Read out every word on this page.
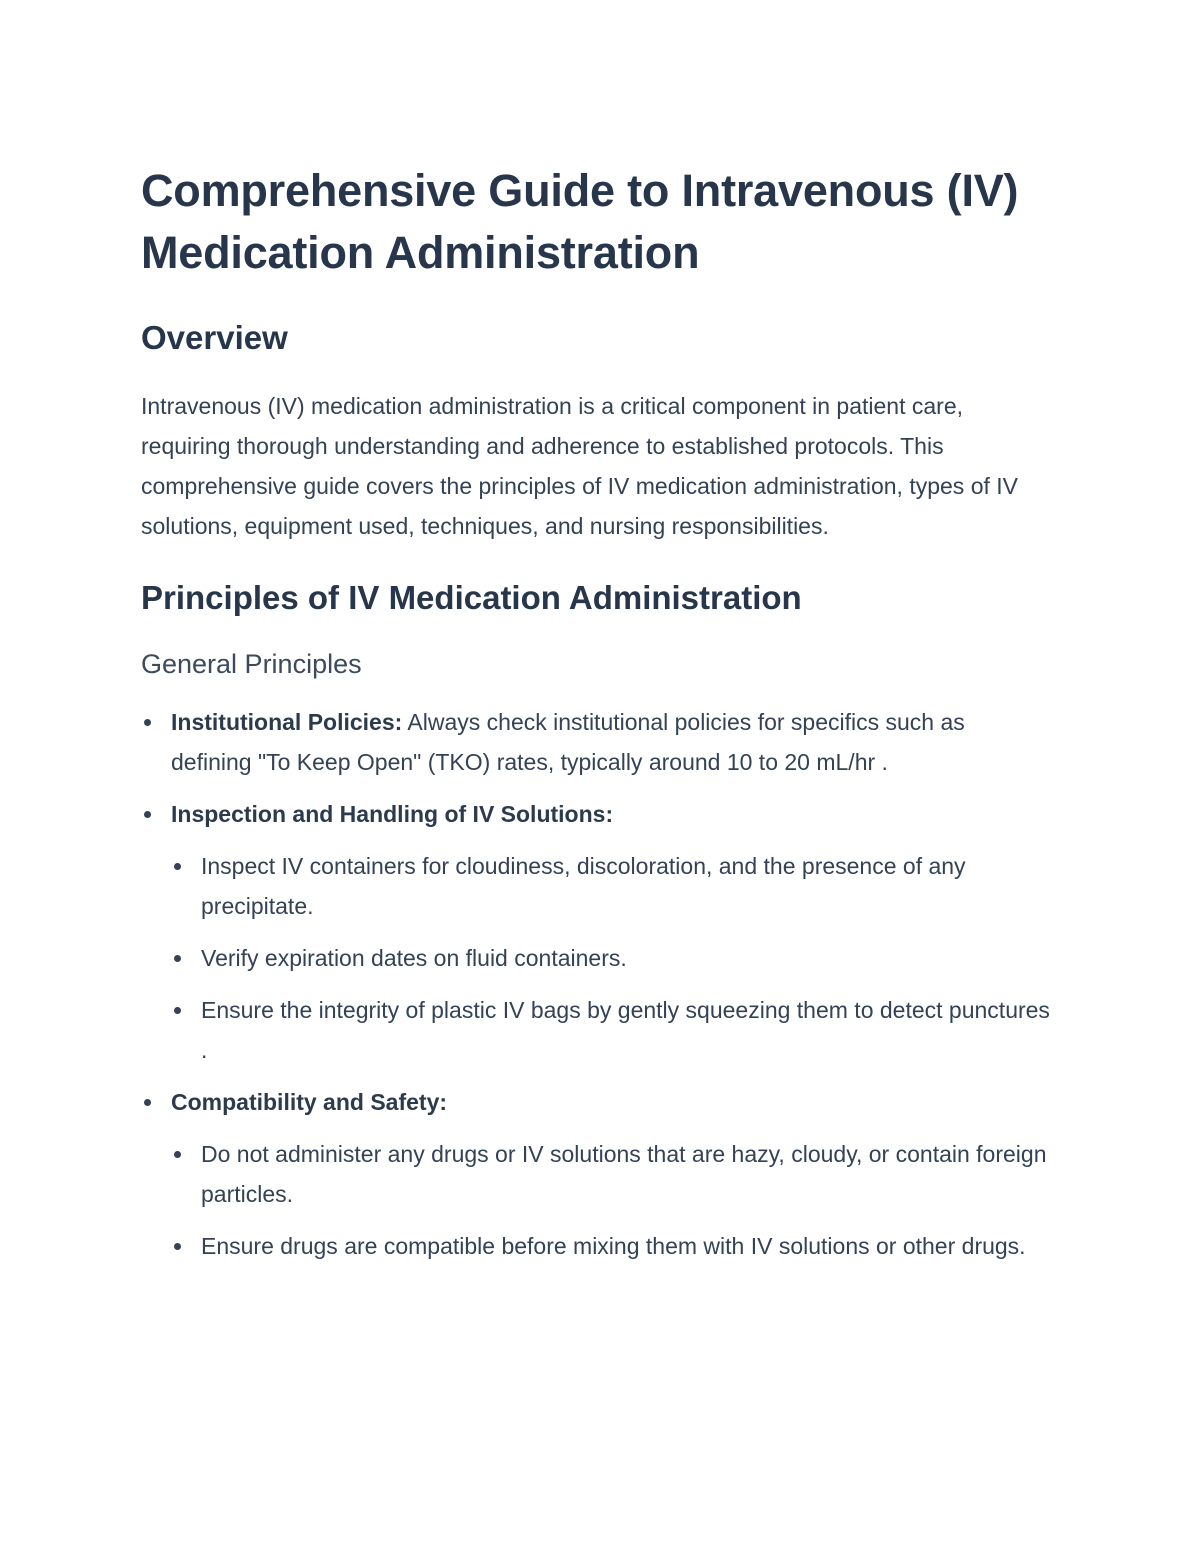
Comprehensive Guide to Intravenous (IV) Medication Administration
Overview

Intravenous (IV) medication administration is a critical component in patient care, requiring thorough understanding and adherence to established protocols. This comprehensive guide covers the principles of IV medication administration, types of IV solutions, equipment used, techniques, and nursing responsibilities.

Principles of IV Medication Administration
General Principles
Institutional Policies: Always check institutional policies for specifics such as defining "To Keep Open" (TKO) rates, typically around 10 to 20 mL/hr .
Inspection and Handling of IV Solutions:
Inspect IV containers for cloudiness, discoloration, and the presence of any precipitate.
Verify expiration dates on fluid containers.
Ensure the integrity of plastic IV bags by gently squeezing them to detect punctures .
Compatibility and Safety:
Do not administer any drugs or IV solutions that are hazy, cloudy, or contain foreign particles.
Ensure drugs are compatible before mixing them with IV solutions or other drugs.
